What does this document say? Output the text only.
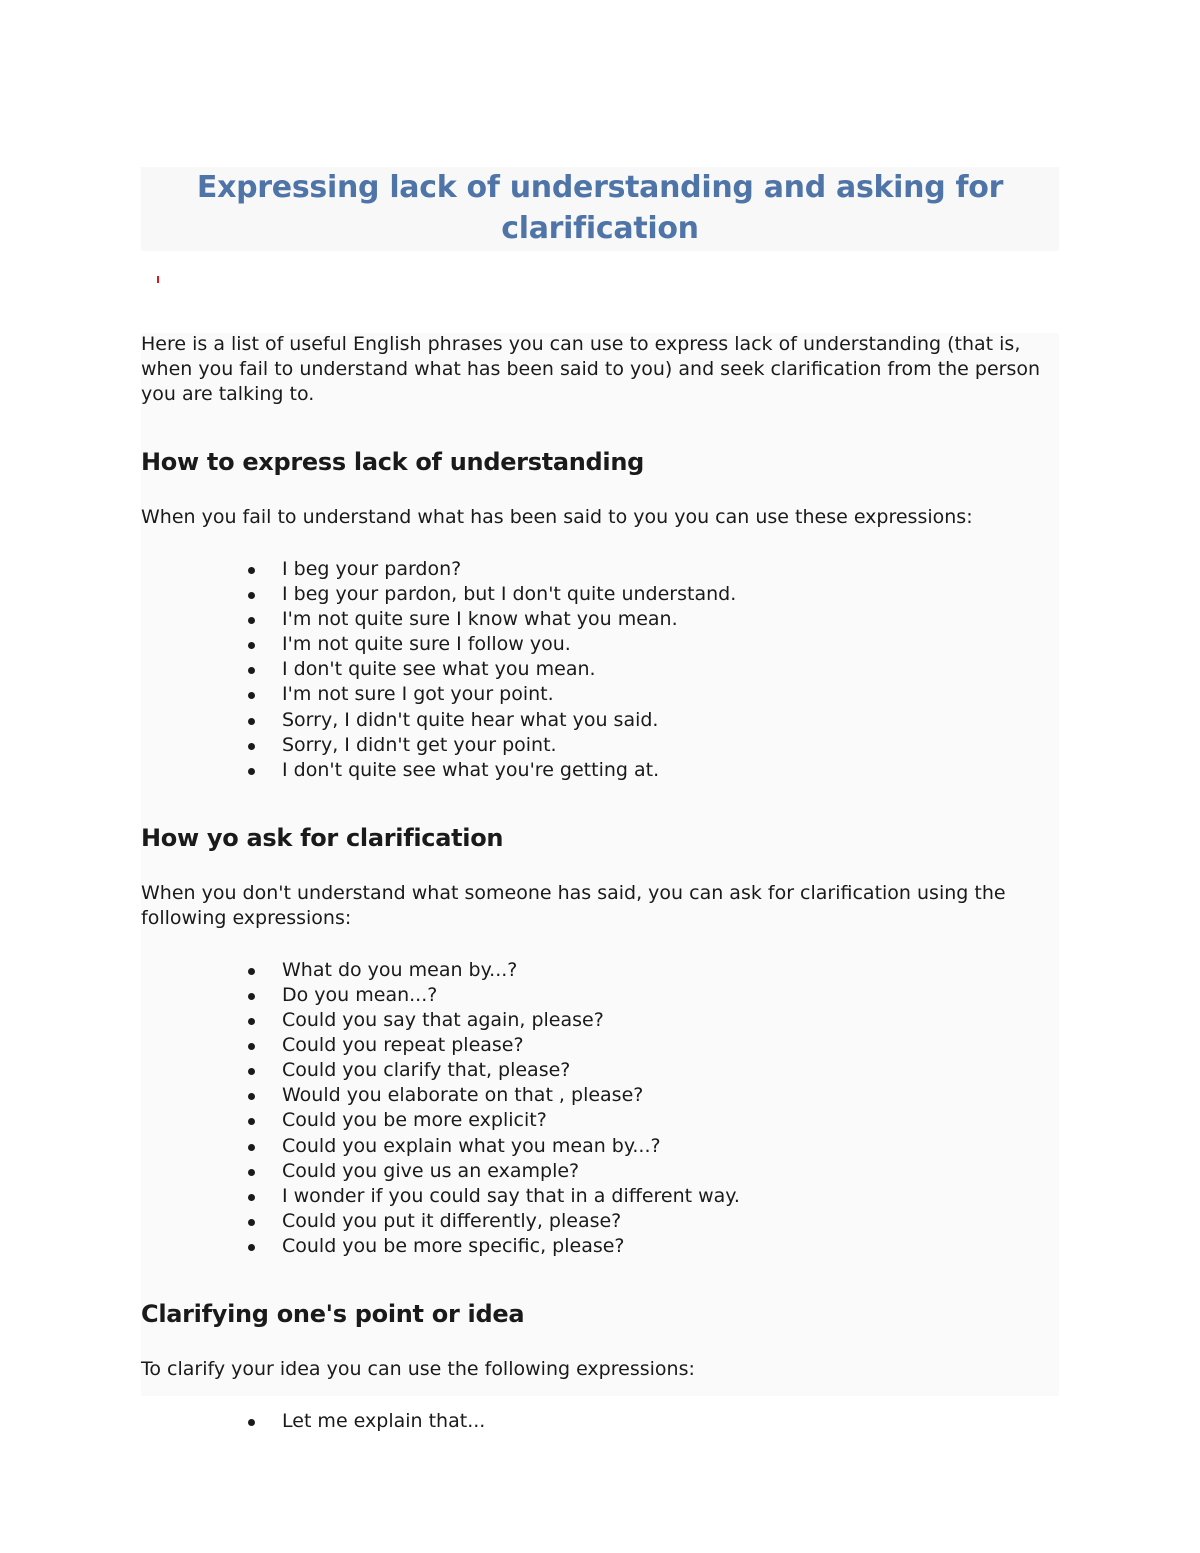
Expressing lack of understanding and asking for clarification

Here is a list of useful English phrases you can use to express lack of understanding (that is, when you fail to understand what has been said to you) and seek clarification from the person you are talking to.

How to express lack of understanding

When you fail to understand what has been said to you you can use these expressions:

I beg your pardon?
I beg your pardon, but I don't quite understand.
I'm not quite sure I know what you mean.
I'm not quite sure I follow you.
I don't quite see what you mean.
I'm not sure I got your point.
Sorry, I didn't quite hear what you said.
Sorry, I didn't get your point.
I don't quite see what you're getting at.

How yo ask for clarification

When you don't understand what someone has said, you can ask for clarification using the following expressions:

What do you mean by...?
Do you mean...?
Could you say that again, please?
Could you repeat please?
Could you clarify that, please?
Would you elaborate on that , please?
Could you be more explicit?
Could you explain what you mean by...?
Could you give us an example?
I wonder if you could say that in a different way.
Could you put it differently, please?
Could you be more specific, please?

Clarifying one's point or idea

To clarify your idea you can use the following expressions:

Let me explain that...
